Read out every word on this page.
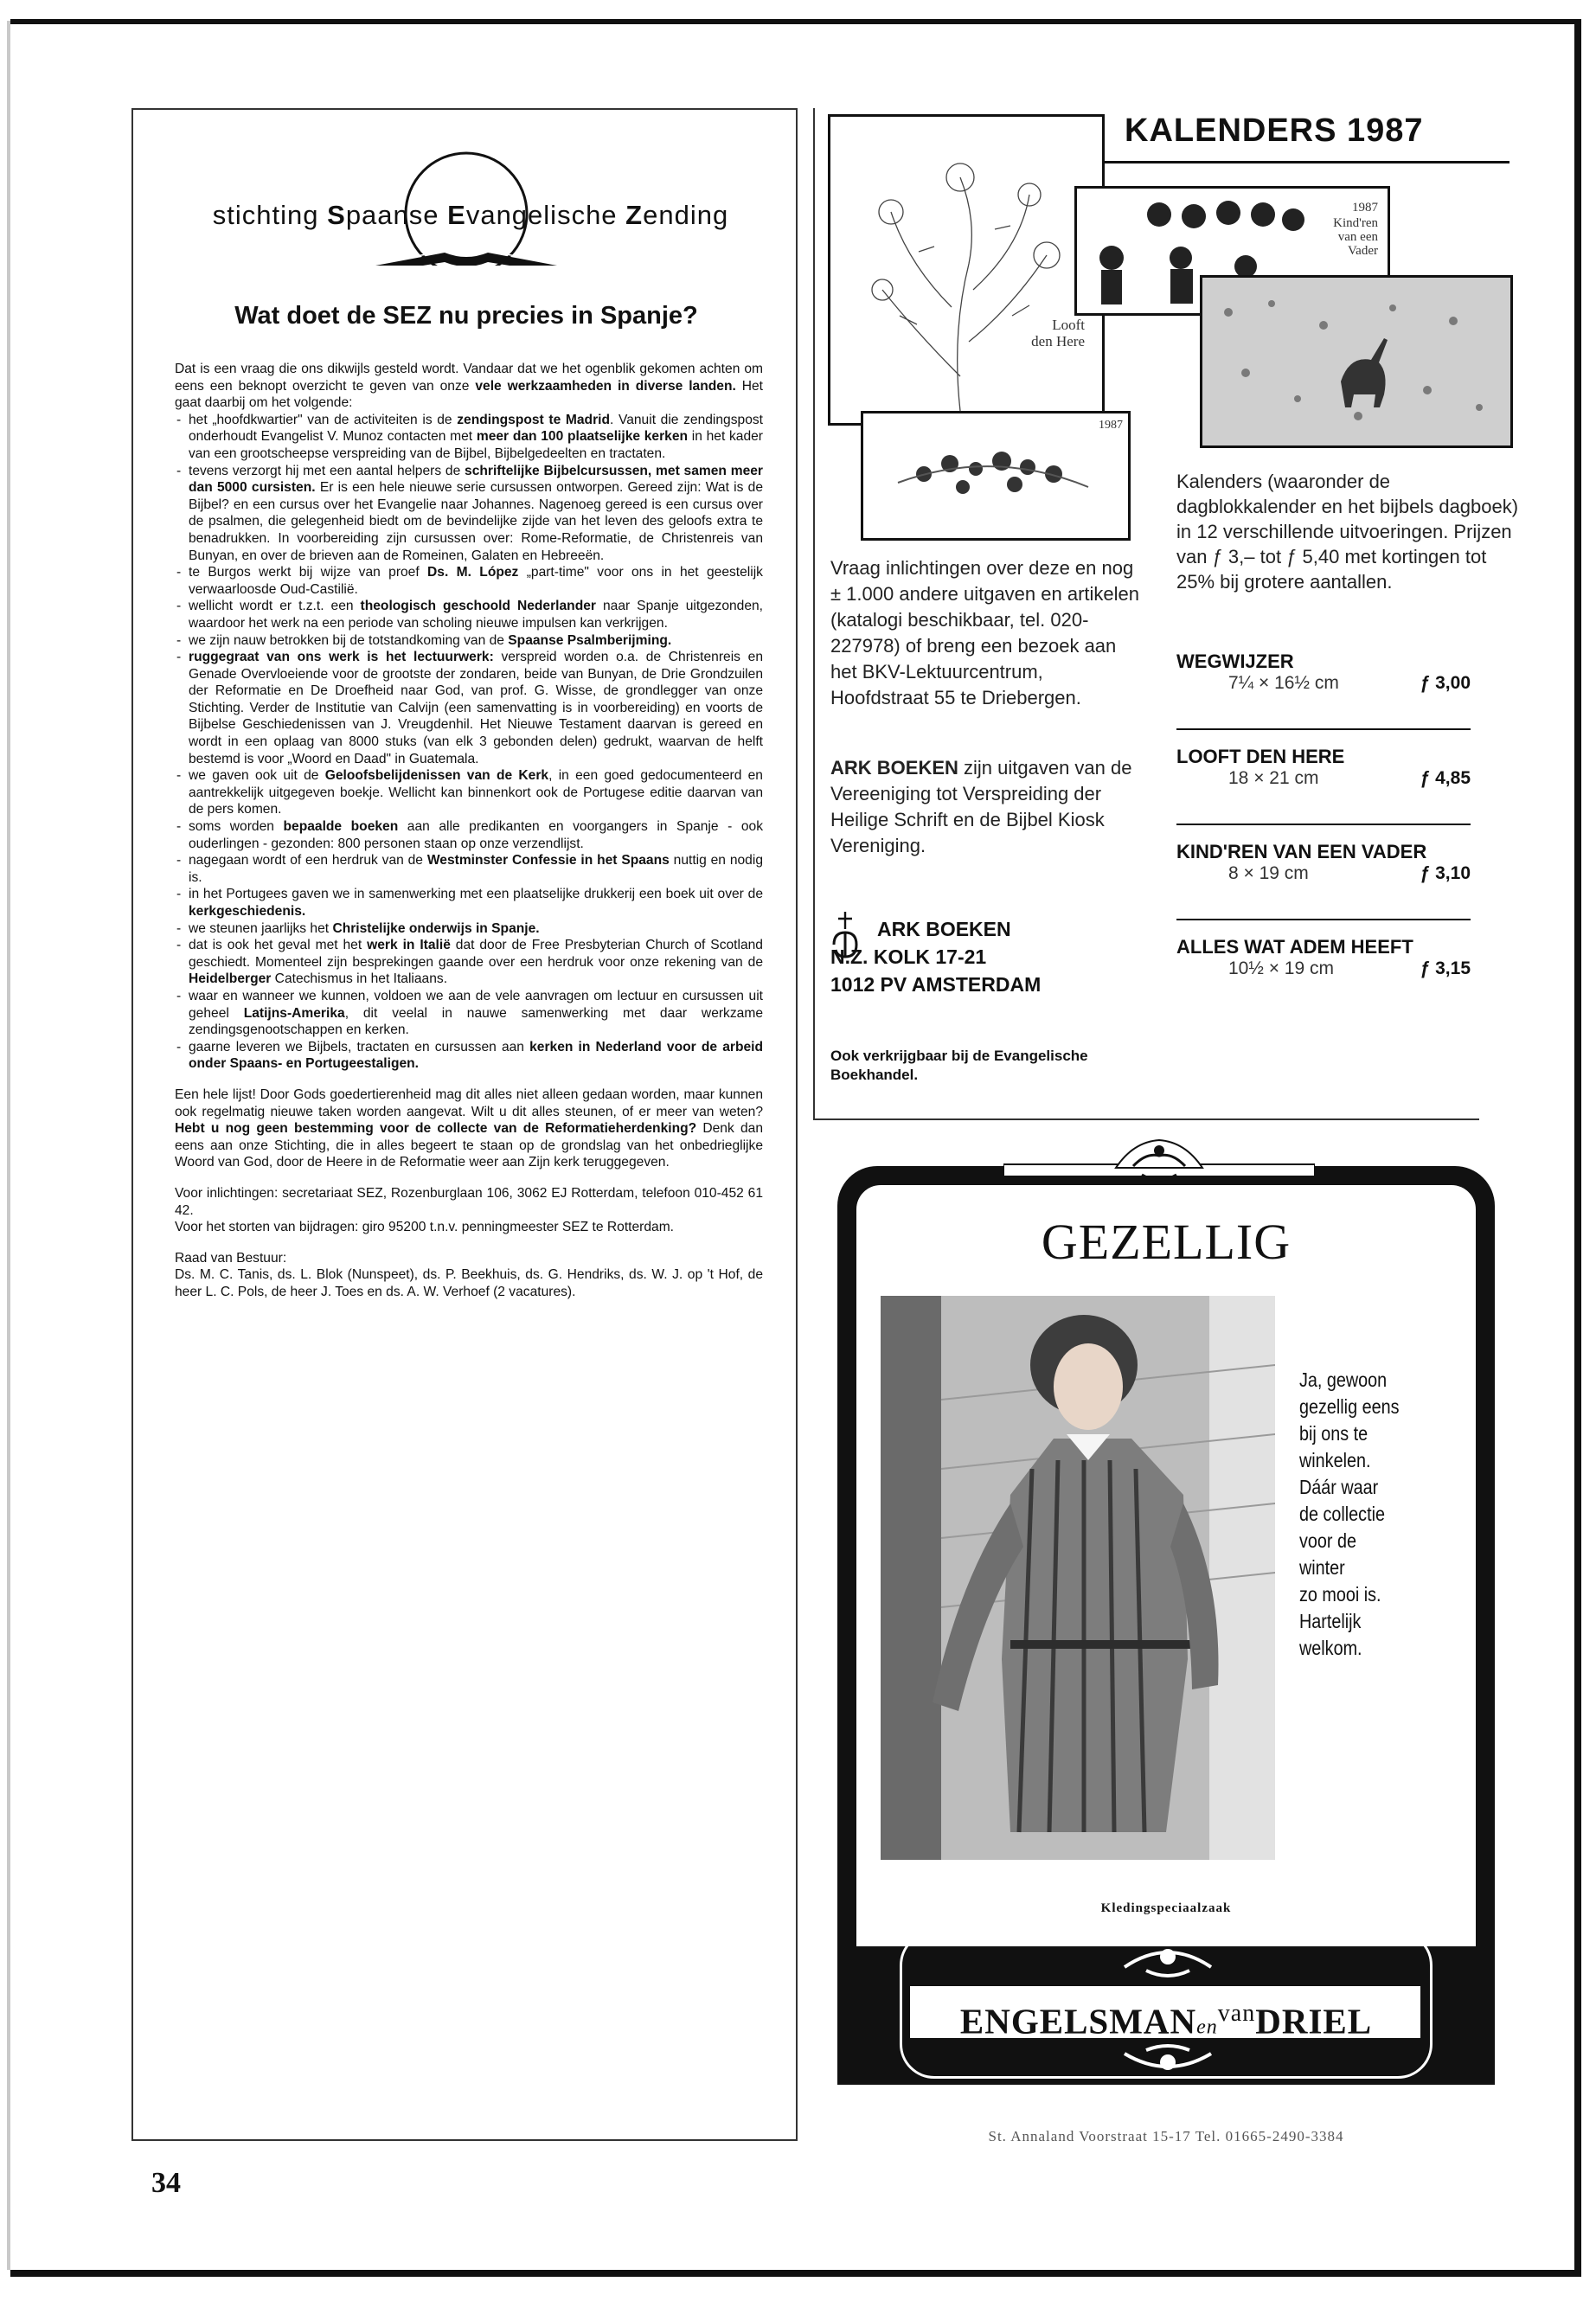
stichting Spaanse Evangelische Zending
Wat doet de SEZ nu precies in Spanje?

Dat is een vraag die ons dikwijls gesteld wordt. Vandaar dat we het ogenblik gekomen achten om eens een beknopt overzicht te geven van onze vele werkzaamheden in diverse landen. Het gaat daarbij om het volgende:

- het „hoofdkwartier" van de activiteiten is de zendingspost te Madrid. Vanuit die zendingspost onderhoudt Evangelist V. Munoz contacten met meer dan 100 plaatselijke kerken in het kader van een grootscheepse verspreiding van de Bijbel, Bijbelgedeelten en tractaten.
- tevens verzorgt hij met een aantal helpers de schriftelijke Bijbelcursussen, met samen meer dan 5000 cursisten. Er is een hele nieuwe serie cursussen ontworpen. Gereed zijn: Wat is de Bijbel? en een cursus over het Evangelie naar Johannes. Nagenoeg gereed is een cursus over de psalmen, die gelegenheid biedt om de bevindelijke zijde van het leven des geloofs extra te benadrukken. In voorbereiding zijn cursussen over: Rome-Reformatie, de Christenreis van Bunyan, en over de brieven aan de Romeinen, Galaten en Hebreeën.
- te Burgos werkt bij wijze van proef Ds. M. López „part-time" voor ons in het geestelijk verwaarloosde Oud-Castilië.
- wellicht wordt er t.z.t. een theologisch geschoold Nederlander naar Spanje uitgezonden, waardoor het werk na een periode van scholing nieuwe impulsen kan verkrijgen.
- we zijn nauw betrokken bij de totstandkoming van de Spaanse Psalmberijming.
- ruggegraat van ons werk is het lectuurwerk: verspreid worden o.a. de Christenreis en Genade Overvloeiende voor de grootste der zondaren, beide van Bunyan, de Drie Grondzuilen der Reformatie en De Droefheid naar God, van prof. G. Wisse, de grondlegger van onze Stichting. Verder de Institutie van Calvijn (een samenvatting is in voorbereiding) en voorts de Bijbelse Geschiedenissen van J. Vreugdenhil. Het Nieuwe Testament daarvan is gereed en wordt in een oplaag van 8000 stuks (van elk 3 gebonden delen) gedrukt, waarvan de helft bestemd is voor „Woord en Daad" in Guatemala.
- we gaven ook uit de Geloofsbelijdenissen van de Kerk, in een goed gedocumenteerd en aantrekkelijk uitgegeven boekje. Wellicht kan binnenkort ook de Portugese editie daarvan van de pers komen.
- soms worden bepaalde boeken aan alle predikanten en voorgangers in Spanje - ook ouderlingen - gezonden: 800 personen staan op onze verzendlijst.
- nagegaan wordt of een herdruk van de Westminster Confessie in het Spaans nuttig en nodig is.
- in het Portugees gaven we in samenwerking met een plaatselijke drukkerij een boek uit over de kerkgeschiedenis.
- we steunen jaarlijks het Christelijke onderwijs in Spanje.
- dat is ook het geval met het werk in Italië dat door de Free Presbyterian Church of Scotland geschiedt. Momenteel zijn besprekingen gaande over een herdruk voor onze rekening van de Heidelberger Catechismus in het Italiaans.
- waar en wanneer we kunnen, voldoen we aan de vele aanvragen om lectuur en cursussen uit geheel Latijns-Amerika, dit veelal in nauwe samenwerking met daar werkzame zendingsgenootschappen en kerken.
- gaarne leveren we Bijbels, tractaten en cursussen aan kerken in Nederland voor de arbeid onder Spaans- en Portugeestaligen.

Een hele lijst! Door Gods goedertierenheid mag dit alles niet alleen gedaan worden, maar kunnen ook regelmatig nieuwe taken worden aangevat. Wilt u dit alles steunen, of er meer van weten? Hebt u nog geen bestemming voor de collecte van de Reformatieherdenking? Denk dan eens aan onze Stichting, die in alles begeert te staan op de grondslag van het onbedrieglijke Woord van God, door de Heere in de Reformatie weer aan Zijn kerk teruggegeven.

Voor inlichtingen: secretariaat SEZ, Rozenburglaan 106, 3062 EJ Rotterdam, telefoon 010-452 61 42.
Voor het storten van bijdragen: giro 95200 t.n.v. penningmeester SEZ te Rotterdam.

Raad van Bestuur:
Ds. M. C. Tanis, ds. L. Blok (Nunspeet), ds. P. Beekhuis, ds. G. Hendriks, ds. W. J. op 't Hof, de heer L. C. Pols, de heer J. Toes en ds. A. W. Verhoef (2 vacatures).

KALENDERS 1987
Looft
den Here
1987
Kind'ren
van een
Vader
1987
Vraag inlichtingen over deze en nog ± 1.000 andere uitgaven en artikelen (katalogi beschikbaar, tel. 020-227978) of breng een bezoek aan het BKV-Lektuurcentrum, Hoofdstraat 55 te Driebergen.
ARK BOEKEN zijn uitgaven van de Vereeniging tot Verspreiding der Heilige Schrift en de Bijbel Kiosk Vereniging.
ARK BOEKEN
N.Z. KOLK 17-21
1012 PV AMSTERDAM
Ook verkrijgbaar bij de Evangelische Boekhandel.
Kalenders (waaronder de dagblokkalender en het bijbels dagboek) in 12 verschillende uitvoeringen. Prijzen van ƒ 3,– tot ƒ 5,40 met kortingen tot 25% bij grotere aantallen.
WEGWIJZER
7¼ × 16½ cm	ƒ 3,00
LOOFT DEN HERE
18 × 21 cm	ƒ 4,85
KIND'REN VAN EEN VADER
8 × 19 cm	ƒ 3,10
ALLES WAT ADEM HEEFT
10½ × 19 cm	ƒ 3,15
GEZELLIG
Ja, gewoon
gezellig eens
bij ons te
winkelen.
Dáár waar
de collectie
voor de
winter
zo mooi is.
Hartelijk
welkom.
Kledingspeciaalzaak
ENGELSMANen$^{van}$DRIEL
St. Annaland Voorstraat 15-17 Tel. 01665-2490-3384
34
